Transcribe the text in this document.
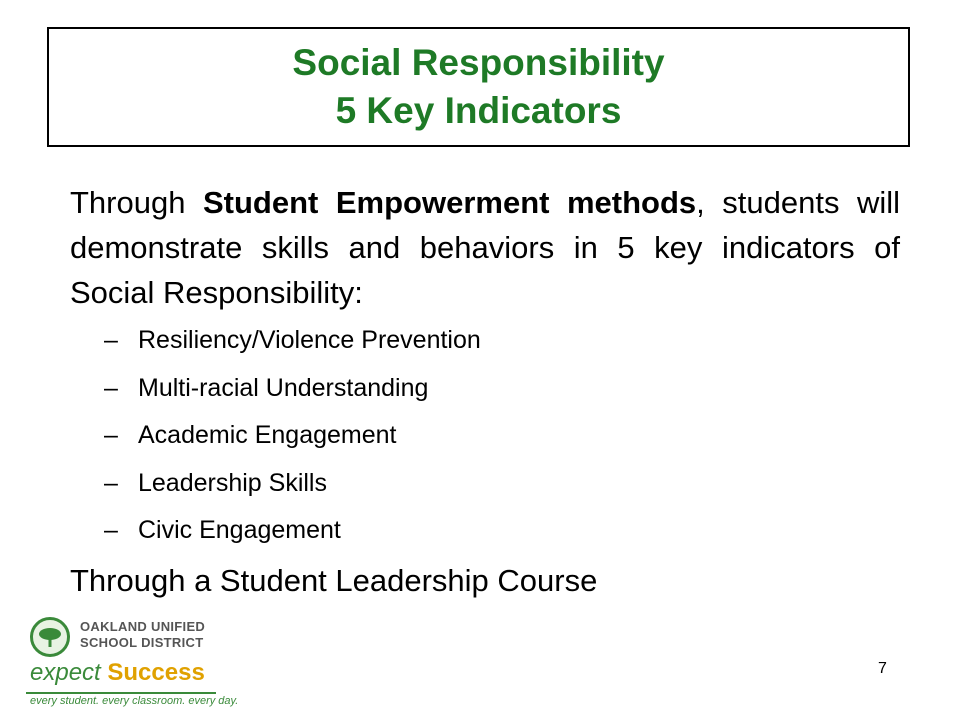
Social Responsibility
5 Key Indicators
Through Student Empowerment methods, students will demonstrate skills and behaviors in 5 key indicators of Social Responsibility:
– Resiliency/Violence Prevention
– Multi-racial Understanding
– Academic Engagement
– Leadership Skills
– Civic Engagement
Through a Student Leadership Course
OAKLAND UNIFIED
SCHOOL DISTRICT
expect Success
every student. every classroom. every day.
7
